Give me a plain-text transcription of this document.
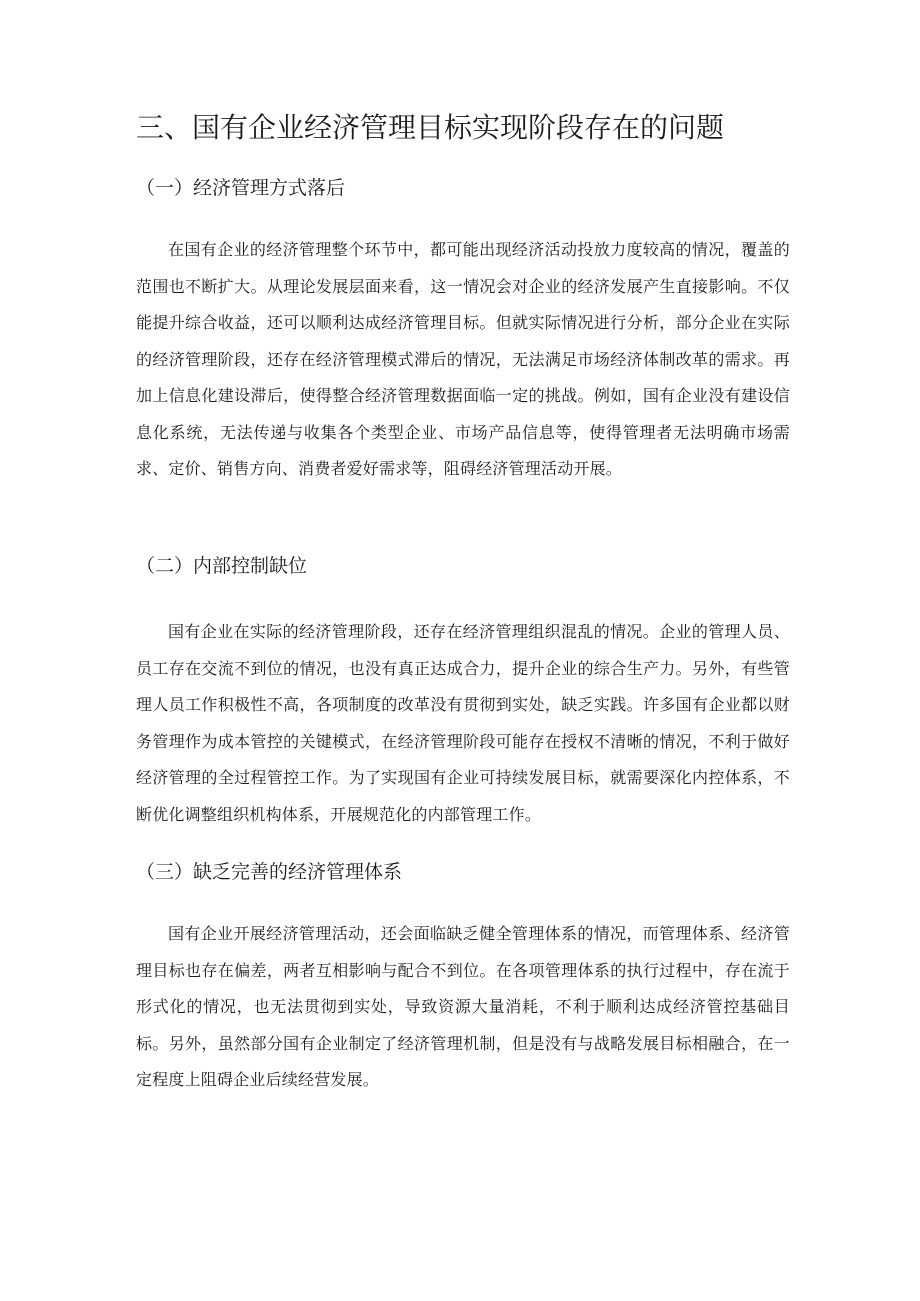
三、国有企业经济管理目标实现阶段存在的问题
（一）经济管理方式落后

在国有企业的经济管理整个环节中，都可能出现经济活动投放力度较高的情况，覆盖的范围也不断扩大。从理论发展层面来看，这一情况会对企业的经济发展产生直接影响。不仅能提升综合收益，还可以顺利达成经济管理目标。但就实际情况进行分析，部分企业在实际的经济管理阶段，还存在经济管理模式滞后的情况，无法满足市场经济体制改革的需求。再加上信息化建设滞后，使得整合经济管理数据面临一定的挑战。例如，国有企业没有建设信息化系统，无法传递与收集各个类型企业、市场产品信息等，使得管理者无法明确市场需求、定价、销售方向、消费者爱好需求等，阻碍经济管理活动开展。

（二）内部控制缺位

国有企业在实际的经济管理阶段，还存在经济管理组织混乱的情况。企业的管理人员、员工存在交流不到位的情况，也没有真正达成合力，提升企业的综合生产力。另外，有些管理人员工作积极性不高，各项制度的改革没有贯彻到实处，缺乏实践。许多国有企业都以财务管理作为成本管控的关键模式，在经济管理阶段可能存在授权不清晰的情况，不利于做好经济管理的全过程管控工作。为了实现国有企业可持续发展目标，就需要深化内控体系，不断优化调整组织机构体系，开展规范化的内部管理工作。

（三）缺乏完善的经济管理体系

国有企业开展经济管理活动，还会面临缺乏健全管理体系的情况，而管理体系、经济管理目标也存在偏差，两者互相影响与配合不到位。在各项管理体系的执行过程中，存在流于形式化的情况，也无法贯彻到实处，导致资源大量消耗，不利于顺利达成经济管控基础目标。另外，虽然部分国有企业制定了经济管理机制，但是没有与战略发展目标相融合，在一定程度上阻碍企业后续经营发展。
